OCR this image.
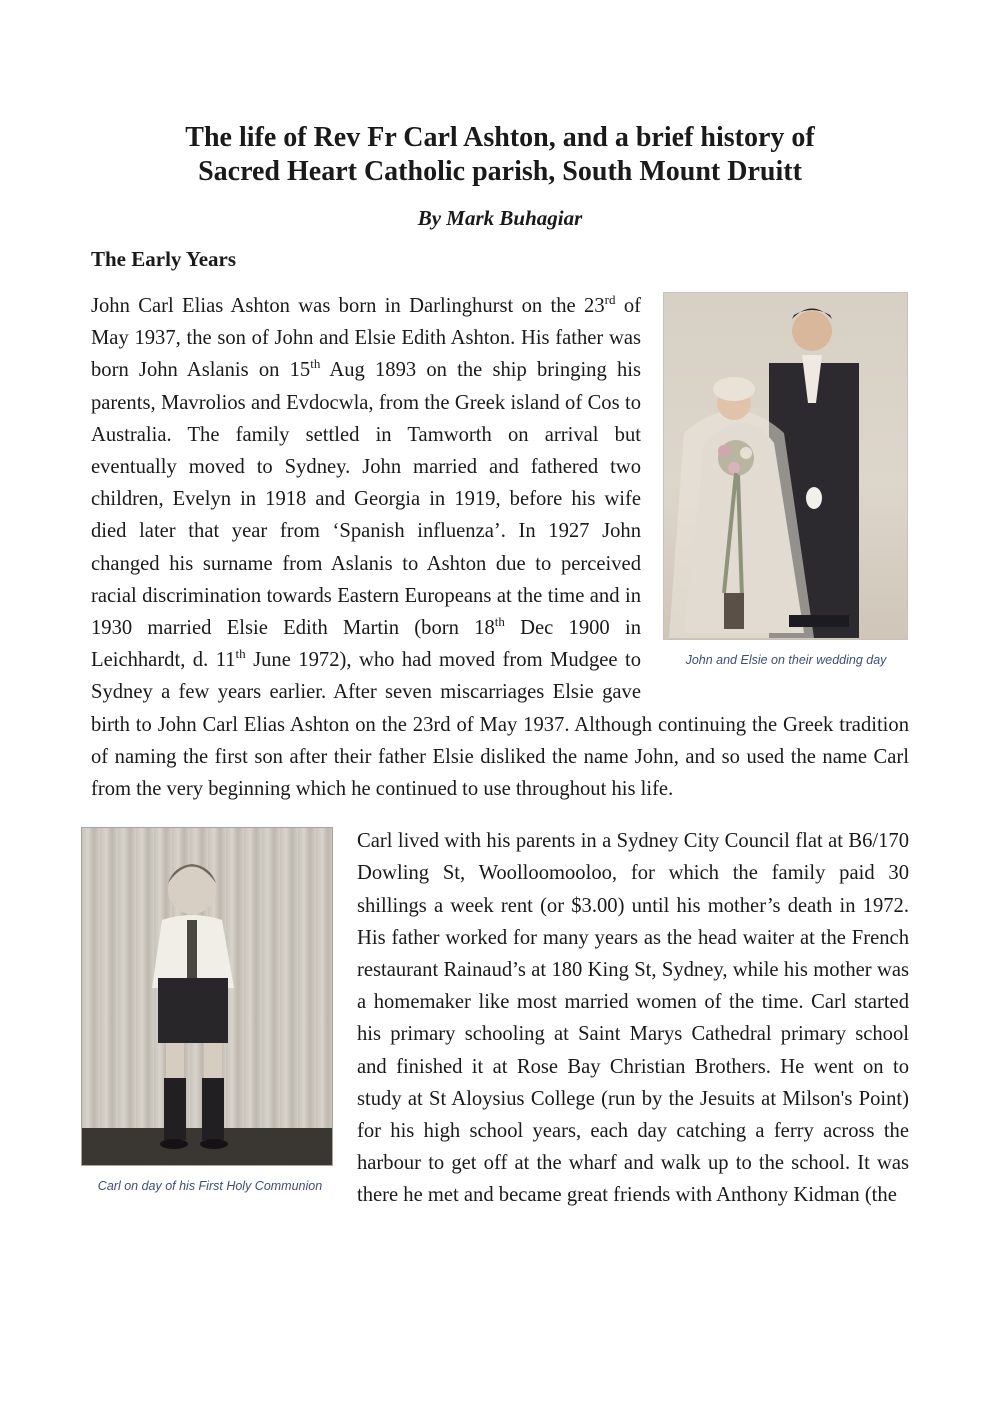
The life of Rev Fr Carl Ashton, and a brief history of
Sacred Heart Catholic parish, South Mount Druitt
By Mark Buhagiar
The Early Years
John and Elsie on their wedding day

John Carl Elias Ashton was born in Darlinghurst on the 23rd of May 1937, the son of John and Elsie Edith Ashton. His father was born John Aslanis on 15th Aug 1893 on the ship bringing his parents, Mavrolios and Evdocwla, from the Greek island of Cos to Australia. The family settled in Tamworth on arrival but eventually moved to Sydney. John married and fathered two children, Evelyn in 1918 and Georgia in 1919, before his wife died later that year from ‘Spanish influenza’. In 1927 John changed his surname from Aslanis to Ashton due to perceived racial discrimination towards Eastern Europeans at the time and in 1930 married Elsie Edith Martin (born 18th Dec 1900 in Leichhardt, d. 11th June 1972), who had moved from Mudgee to Sydney a few years earlier. After seven miscarriages Elsie gave birth to John Carl Elias Ashton on the 23rd of May 1937. Although continuing the Greek tradition of naming the first son after their father Elsie disliked the name John, and so used the name Carl from the very beginning which he continued to use throughout his life.

Carl on day of his First Holy Communion

Carl lived with his parents in a Sydney City Council flat at B6/170 Dowling St, Woolloomooloo, for which the family paid 30 shillings a week rent (or $3.00) until his mother’s death in 1972. His father worked for many years as the head waiter at the French restaurant Rainaud’s at 180 King St, Sydney, while his mother was a homemaker like most married women of the time. Carl started his primary schooling at Saint Marys Cathedral primary school and finished it at Rose Bay Christian Brothers. He went on to study at St Aloysius College (run by the Jesuits at Milson's Point) for his high school years, each day catching a ferry across the harbour to get off at the wharf and walk up to the school. It was there he met and became great friends with Anthony Kidman (the
